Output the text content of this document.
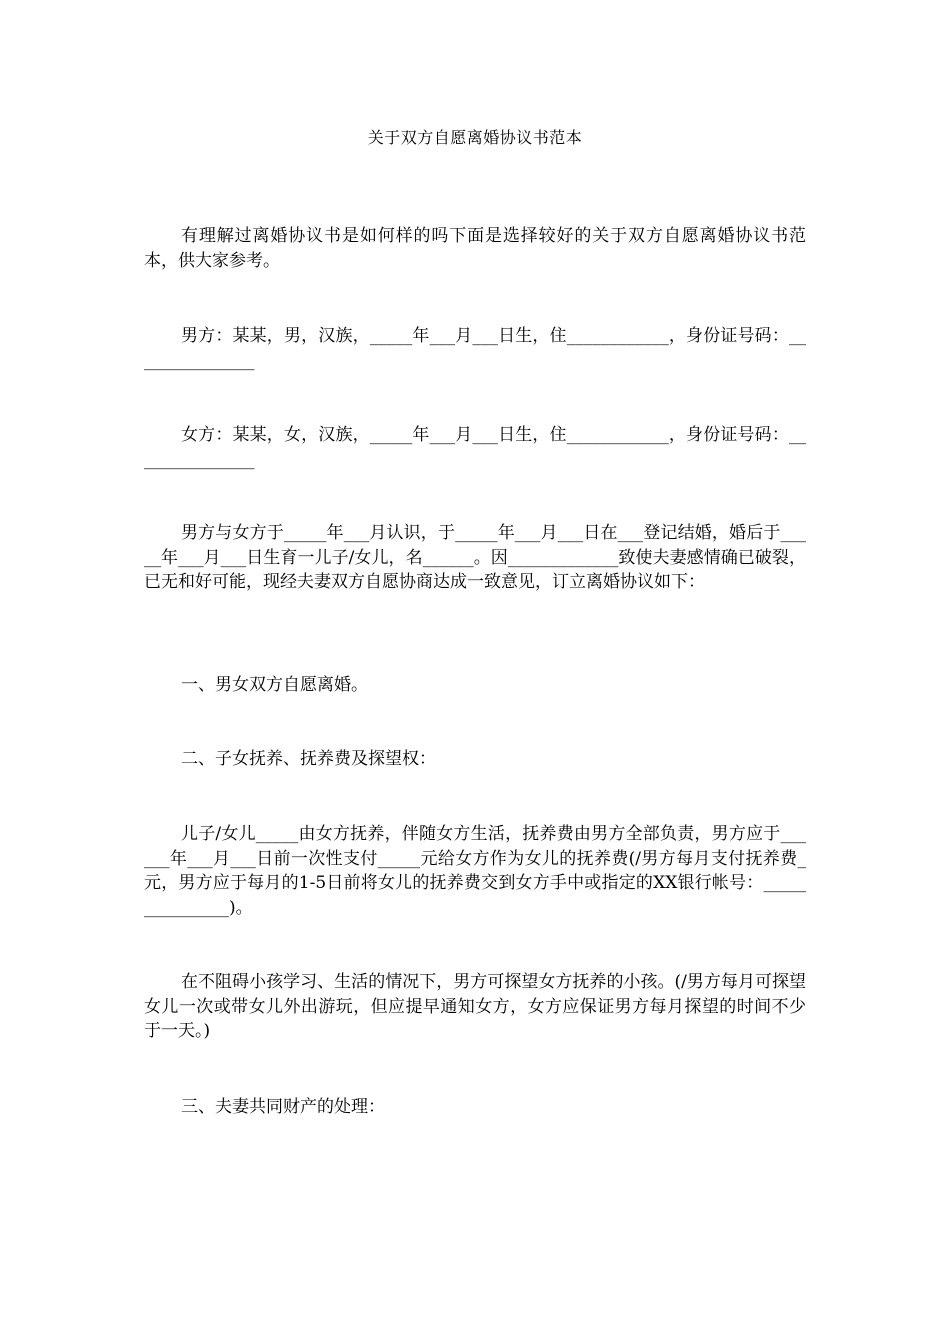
关于双方自愿离婚协议书范本

有理解过离婚协议书是如何样的吗下面是选择较好的关于双方自愿离婚协议书范本，供大家参考。

男方：某某，男，汉族，_____年___月___日生，住____________，身份证号码：_______________

女方：某某，女，汉族，_____年___月___日生，住____________，身份证号码：_______________

男方与女方于_____年___月认识，于_____年___月___日在___登记结婚，婚后于_____年___月___日生育一儿子/女儿，名______。因_____________致使夫妻感情确已破裂，已无和好可能，现经夫妻双方自愿协商达成一致意见，订立离婚协议如下：

一、男女双方自愿离婚。

二、子女抚养、抚养费及探望权：

儿子/女儿_____由女方抚养，伴随女方生活，抚养费由男方全部负责，男方应于______年___月___日前一次性支付_____元给女方作为女儿的抚养费(/男方每月支付抚养费_元，男方应于每月的1-5日前将女儿的抚养费交到女方手中或指定的XX银行帐号：_______________)。

在不阻碍小孩学习、生活的情况下，男方可探望女方抚养的小孩。(/男方每月可探望女儿一次或带女儿外出游玩，但应提早通知女方，女方应保证男方每月探望的时间不少于一天。)

三、夫妻共同财产的处理：
